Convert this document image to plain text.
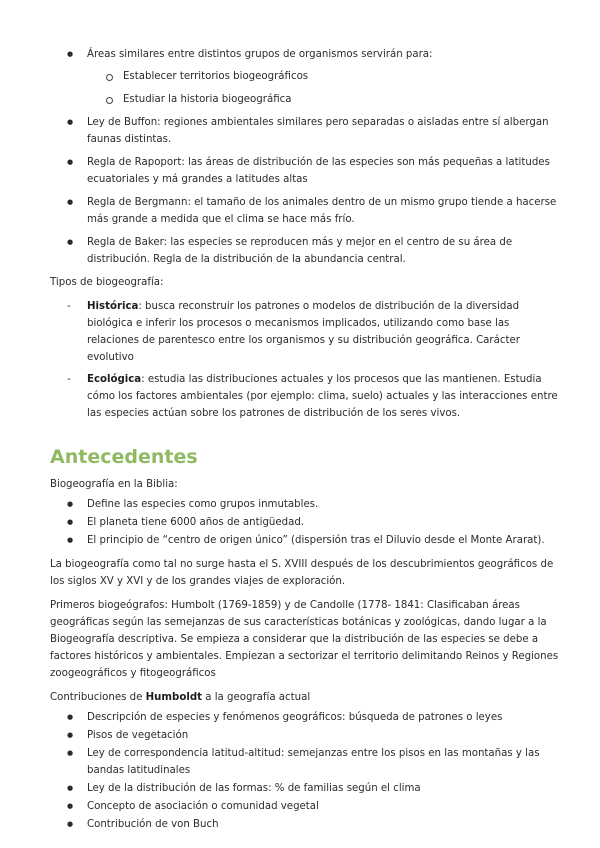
● Áreas similares entre distintos grupos de organismos servirán para:
Establecer territorios biogeográficos
Estudiar la historia biogeográfica
● Ley de Buffon: regiones ambientales similares pero separadas o aisladas entre sí albergan faunas distintas.
● Regla de Rapoport: las áreas de distribución de las especies son más pequeñas a latitudes ecuatoriales y má grandes a latitudes altas
● Regla de Bergmann: el tamaño de los animales dentro de un mismo grupo tiende a hacerse más grande a medida que el clima se hace más frío.
● Regla de Baker: las especies se reproducen más y mejor en el centro de su área de distribución. Regla de la distribución de la abundancia central.

Tipos de biogeografía:

- Histórica: busca reconstruir los patrones o modelos de distribución de la diversidad biológica e inferir los procesos o mecanismos implicados, utilizando como base las relaciones de parentesco entre los organismos y su distribución geográfica. Carácter evolutivo
- Ecológica: estudia las distribuciones actuales y los procesos que las mantienen. Estudia cómo los factores ambientales (por ejemplo: clima, suelo) actuales y las interacciones entre las especies actúan sobre los patrones de distribución de los seres vivos.
Antecedentes

Biogeografía en la Biblia:

● Define las especies como grupos inmutables.
● El planeta tiene 6000 años de antigüedad.
● El principio de “centro de origen único” (dispersión tras el Diluvio desde el Monte Ararat).

La biogeografía como tal no surge hasta el S. XVIII después de los descubrimientos geográficos de los siglos XV y XVI y de los grandes viajes de exploración.

Primeros biogeógrafos: Humbolt (1769-1859) y de Candolle (1778- 1841: Clasificaban áreas geográficas según las semejanzas de sus características botánicas y zoológicas, dando lugar a la Biogeografía descriptiva. Se empieza a considerar que la distribución de las especies se debe a factores históricos y ambientales. Empiezan a sectorizar el territorio delimitando Reinos y Regiones zoogeográficos y fitogeográficos

Contribuciones de Humboldt a la geografía actual

● Descripción de especies y fenómenos geográficos: búsqueda de patrones o leyes
● Pisos de vegetación
● Ley de correspondencia latitud-altitud: semejanzas entre los pisos en las montañas y las bandas latitudinales
● Ley de la distribución de las formas: % de familias según el clima
● Concepto de asociación o comunidad vegetal
● Contribución de von Buch
